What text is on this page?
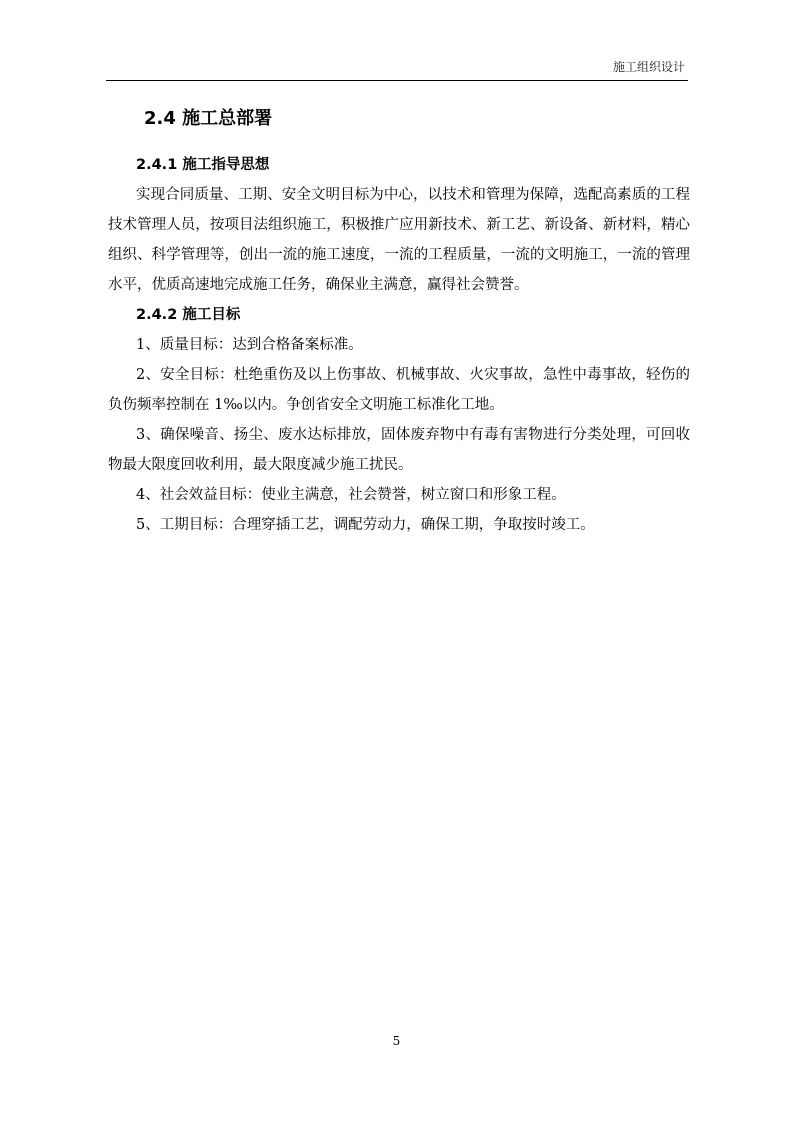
施工组织设计
2.4 施工总部署
2.4.1 施工指导思想

实现合同质量、工期、安全文明目标为中心，以技术和管理为保障，选配高素质的工程技术管理人员，按项目法组织施工，积极推广应用新技术、新工艺、新设备、新材料，精心组织、科学管理等，创出一流的施工速度，一流的工程质量，一流的文明施工，一流的管理水平，优质高速地完成施工任务，确保业主满意，赢得社会赞誉。

2.4.2 施工目标

1、质量目标：达到合格备案标准。

2、安全目标：杜绝重伤及以上伤事故、机械事故、火灾事故，急性中毒事故，轻伤的负伤频率控制在 1‰以内。争创省安全文明施工标准化工地。

3、确保噪音、扬尘、废水达标排放，固体废弃物中有毒有害物进行分类处理，可回收物最大限度回收利用，最大限度减少施工扰民。

4、社会效益目标：使业主满意，社会赞誉，树立窗口和形象工程。

5、工期目标：合理穿插工艺，调配劳动力，确保工期，争取按时竣工。

5
